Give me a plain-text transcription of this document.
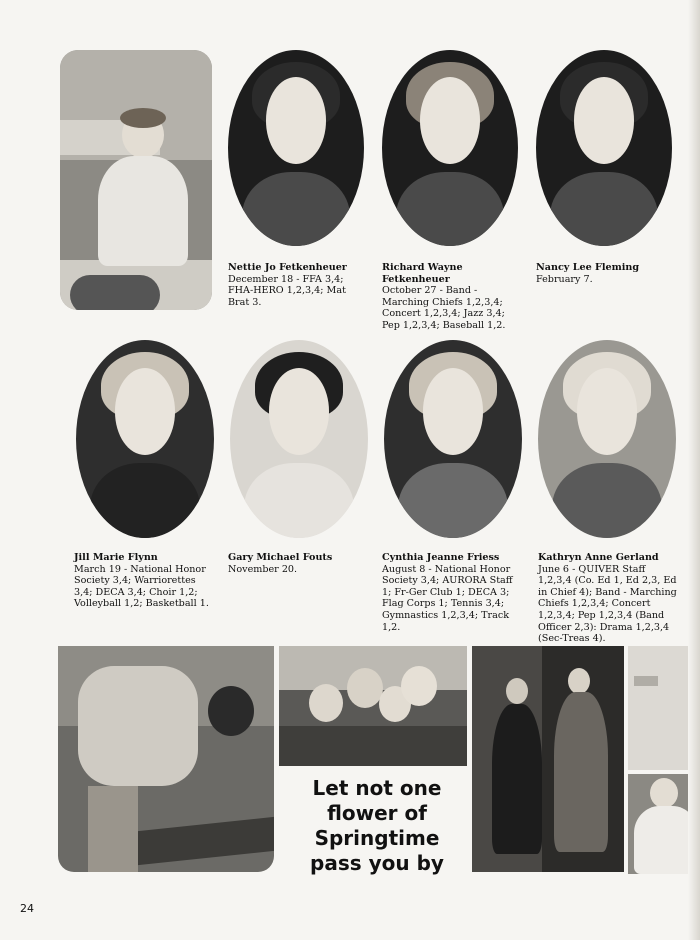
Nettie Jo Fetkenheuer
December 18 - FFA 3,4; FHA-HERO 1,2,3,4; Mat Brat 3.
Richard Wayne Fetkenheuer
October 27 - Band - Marching Chiefs 1,2,3,4; Concert 1,2,3,4; Jazz 3,4; Pep 1,2,3,4; Baseball 1,2.
Nancy Lee Fleming
February 7.
Jill Marie Flynn
March 19 - National Honor Society 3,4; Warriorettes 3,4; DECA 3,4; Choir 1,2; Volleyball 1,2; Basketball 1.
Gary Michael Fouts
November 20.
Cynthia Jeanne Friess
August 8 - National Honor Society 3,4; AURORA Staff 1; Fr-Ger Club 1; DECA 3; Flag Corps 1; Tennis 3,4; Gymnastics 1,2,3,4; Track 1,2.
Kathryn Anne Gerland
June 6 - QUIVER Staff 1,2,3,4 (Co. Ed 1, Ed 2,3, Ed in Chief 4); Band - Marching Chiefs 1,2,3,4; Concert 1,2,3,4; Pep 1,2,3,4 (Band Officer 2,3): Drama 1,2,3,4 (Sec-Treas 4).
Let not one
flower of
Springtime
pass you by
24
